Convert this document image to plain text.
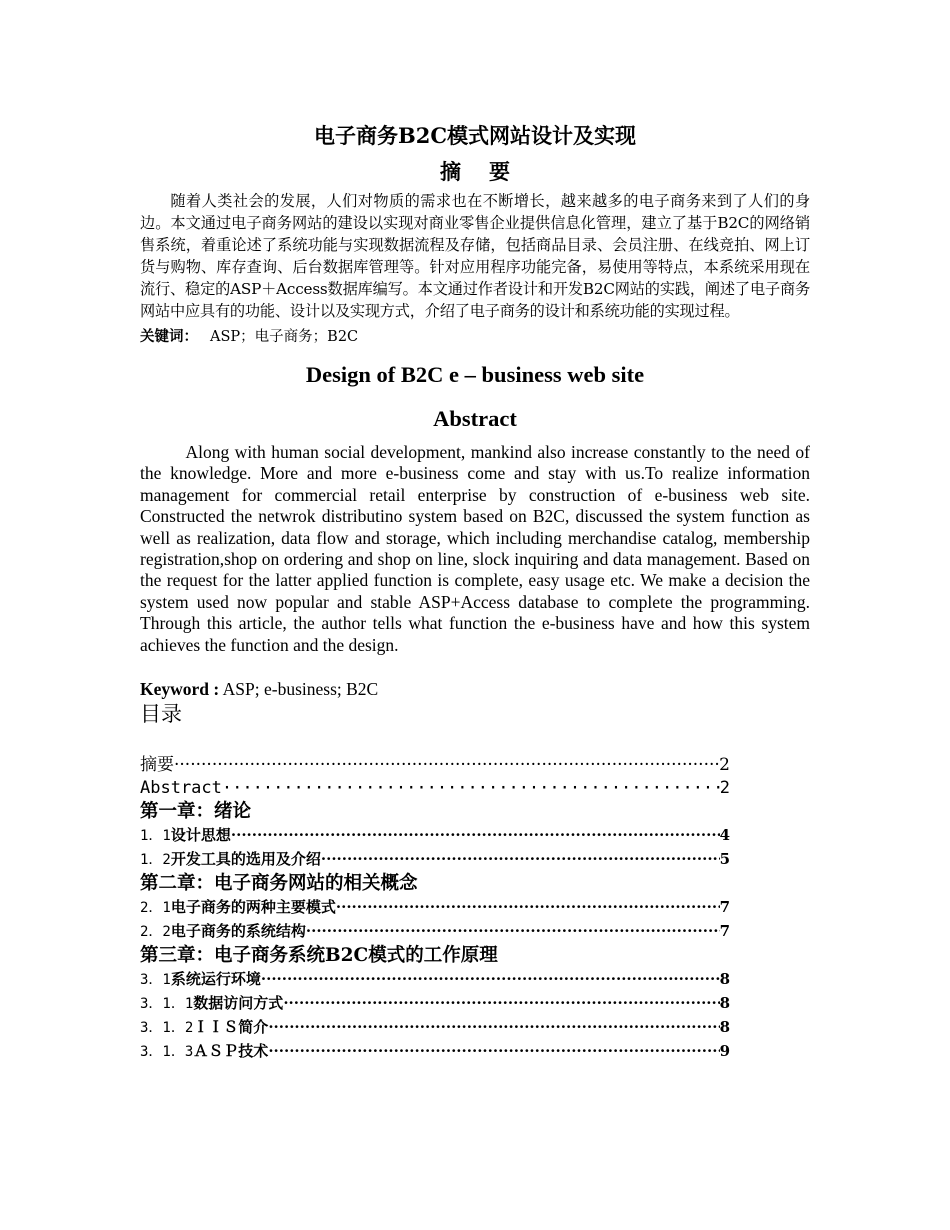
电子商务B2C模式网站设计及实现
摘要

随着人类社会的发展，人们对物质的需求也在不断增长，越来越多的电子商务来到了人们的身边。本文通过电子商务网站的建设以实现对商业零售企业提供信息化管理，建立了基于B2C的网络销售系统，着重论述了系统功能与实现数据流程及存储，包括商品目录、会员注册、在线竞拍、网上订货与购物、库存查询、后台数据库管理等。针对应用程序功能完备，易使用等特点，本系统采用现在流行、稳定的ASP＋Access数据库编写。本文通过作者设计和开发B2C网站的实践，阐述了电子商务网站中应具有的功能、设计以及实现方式，介绍了电子商务的设计和系统功能的实现过程。

关键词： ASP；电子商务；B2C
Design of B2C e – business web site
Abstract

Along with human social development, mankind also increase constantly to the need of the knowledge. More and more e-business come and stay with us.To realize information management for commercial retail enterprise by construction of e-business web site. Constructed the netwrok distributino system based on B2C, discussed the system function as well as realization, data flow and storage, which including merchandise catalog, membership registration,shop on ordering and shop on line, slock inquiring and data management. Based on the request for the latter applied function is complete, easy usage etc. We make a decision the system used now popular and stable ASP+Access database to complete the programming. Through this article, the author tells what function the e-business have and how this system achieves the function and the design.

Keyword : ASP; e-business; B2C
目录
摘要 ·····	2
Abstract ·····	2
第一章：绪论
1．1 设计思想 ·····	4
1．2 开发工具的选用及介绍 ·····	5
第二章：电子商务网站的相关概念
2．1 电子商务的两种主要模式 ·····	7
2．2 电子商务的系统结构 ·····	7
第三章：电子商务系统B2C模式的工作原理
3．1 系统运行环境 ·····	8
3．1．1 数据访问方式 ·····	8
3．1．2 ＩＩＳ简介 ·····	8
3．1．3 ＡＳＰ技术 ·····	9
